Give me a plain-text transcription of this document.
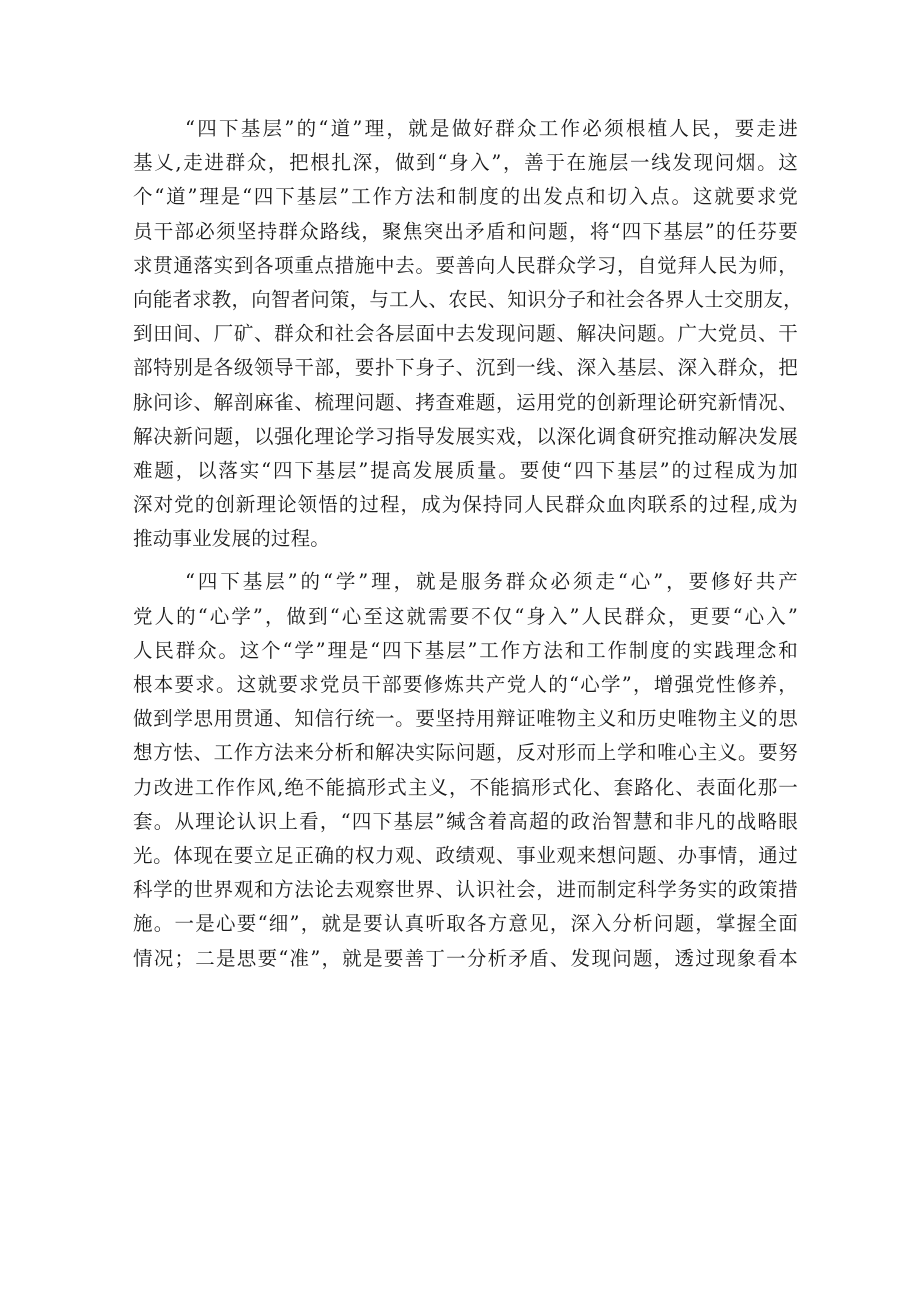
“四下基层”的“道”理，就是做好群众工作必须根植人民，要走进
基乂,走进群众，把根扎深，做到“身入”，善于在施层一线发现问烟。这
个“道”理是“四下基层”工作方法和制度的出发点和切入点。这就要求党
员干部必须坚持群众路线，聚焦突出矛盾和问题，将“四下基层”的任芬要
求贯通落实到各项重点措施中去。要善向人民群众学习，自觉拜人民为师，
向能者求教，向智者问策，与工人、农民、知识分子和社会各界人士交朋友，
到田间、厂矿、群众和社会各层面中去发现问题、解决问题。广大党员、干
部特别是各级领导干部，要扑下身子、沉到一线、深入基层、深入群众，把
脉问诊、解剖麻雀、梳理问题、拷查难题，运用党的创新理论研究新情况、
解决新问题，以强化理论学习指导发展实戏，以深化调食研究推动解决发展
难题，以落实“四下基层”提高发展质量。要使“四下基层”的过程成为加
深对党的创新理论领悟的过程，成为保持同人民群众血肉联系的过程,成为
推动事业发展的过程。
“四下基层”的“学”理，就是服务群众必须走“心”，要修好共产
党人的“心学”，做到“心至这就需要不仅“身入”人民群众，更要“心入”
人民群众。这个“学”理是“四下基层”工作方法和工作制度的实践理念和
根本要求。这就要求党员干部要修炼共产党人的“心学”，增强党性修养，
做到学思用贯通、知信行统一。要坚持用辩证唯物主义和历史唯物主义的思
想方怯、工作方法来分析和解决实际问题，反对形而上学和唯心主义。要努
力改进工作作风,绝不能搞形式主义，不能搞形式化、套路化、表面化那一
套。从理论认识上看，“四下基层”缄含着高超的政治智慧和非凡的战略眼
光。体现在要立足正确的权力观、政绩观、事业观来想问题、办事情，通过
科学的世界观和方法论去观察世界、认识社会，进而制定科学务实的政策措
施。一是心要“细”，就是要认真听取各方意见，深入分析问题，掌握全面
情况；二是思要“准”，就是要善丁一分析矛盾、发现问题，透过现象看本
